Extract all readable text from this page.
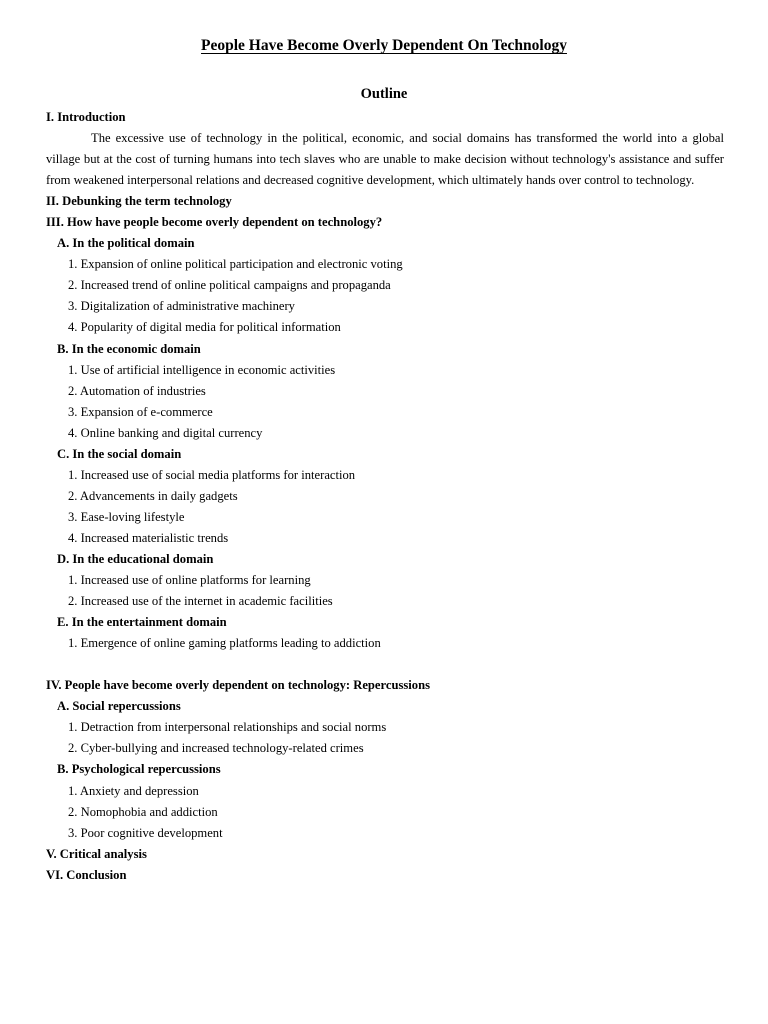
People Have Become Overly Dependent On Technology
Outline
I. Introduction
The excessive use of technology in the political, economic, and social domains has transformed the world into a global village but at the cost of turning humans into tech slaves who are unable to make decision without technology's assistance and suffer from weakened interpersonal relations and decreased cognitive development, which ultimately hands over control to technology.
II. Debunking the term technology
III. How have people become overly dependent on technology?
A. In the political domain
1. Expansion of online political participation and electronic voting
2. Increased trend of online political campaigns and propaganda
3. Digitalization of administrative machinery
4. Popularity of digital media for political information
B. In the economic domain
1. Use of artificial intelligence in economic activities
2. Automation of industries
3. Expansion of e-commerce
4. Online banking and digital currency
C. In the social domain
1. Increased use of social media platforms for interaction
2. Advancements in daily gadgets
3. Ease-loving lifestyle
4. Increased materialistic trends
D. In the educational domain
1. Increased use of online platforms for learning
2. Increased use of the internet in academic facilities
E. In the entertainment domain
1. Emergence of online gaming platforms leading to addiction
IV. People have become overly dependent on technology: Repercussions
A. Social repercussions
1. Detraction from interpersonal relationships and social norms
2. Cyber-bullying and increased technology-related crimes
B. Psychological repercussions
1. Anxiety and depression
2. Nomophobia and addiction
3. Poor cognitive development
V. Critical analysis
VI. Conclusion
